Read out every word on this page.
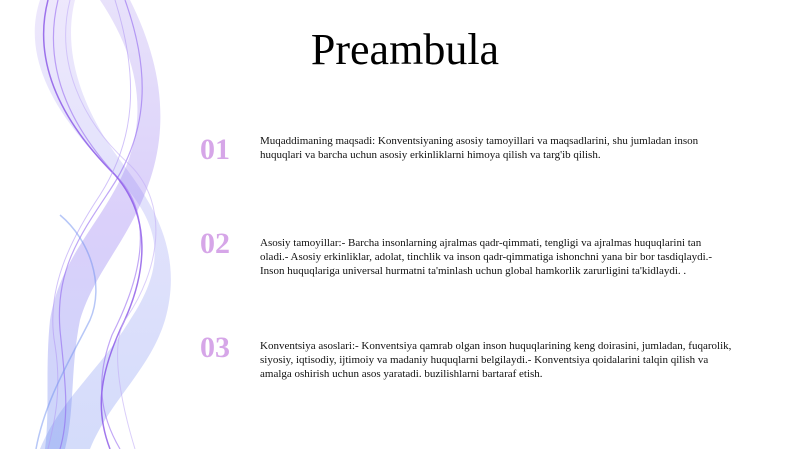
Preambula
01	Muqaddimaning maqsadi: Konventsiyaning asosiy tamoyillari va maqsadlarini, shu jumladan inson huquqlari va barcha uchun asosiy erkinliklarni himoya qilish va targ'ib qilish.
02	Asosiy tamoyillar:- Barcha insonlarning ajralmas qadr-qimmati, tengligi va ajralmas huquqlarini tan oladi.- Asosiy erkinliklar, adolat, tinchlik va inson qadr-qimmatiga ishonchni yana bir bor tasdiqlaydi.- Inson huquqlariga universal hurmatni ta'minlash uchun global hamkorlik zarurligini ta'kidlaydi. .
03	Konventsiya asoslari:- Konventsiya qamrab olgan inson huquqlarining keng doirasini, jumladan, fuqarolik, siyosiy, iqtisodiy, ijtimoiy va madaniy huquqlarni belgilaydi.- Konventsiya qoidalarini talqin qilish va amalga oshirish uchun asos yaratadi. buzilishlarni bartaraf etish.
